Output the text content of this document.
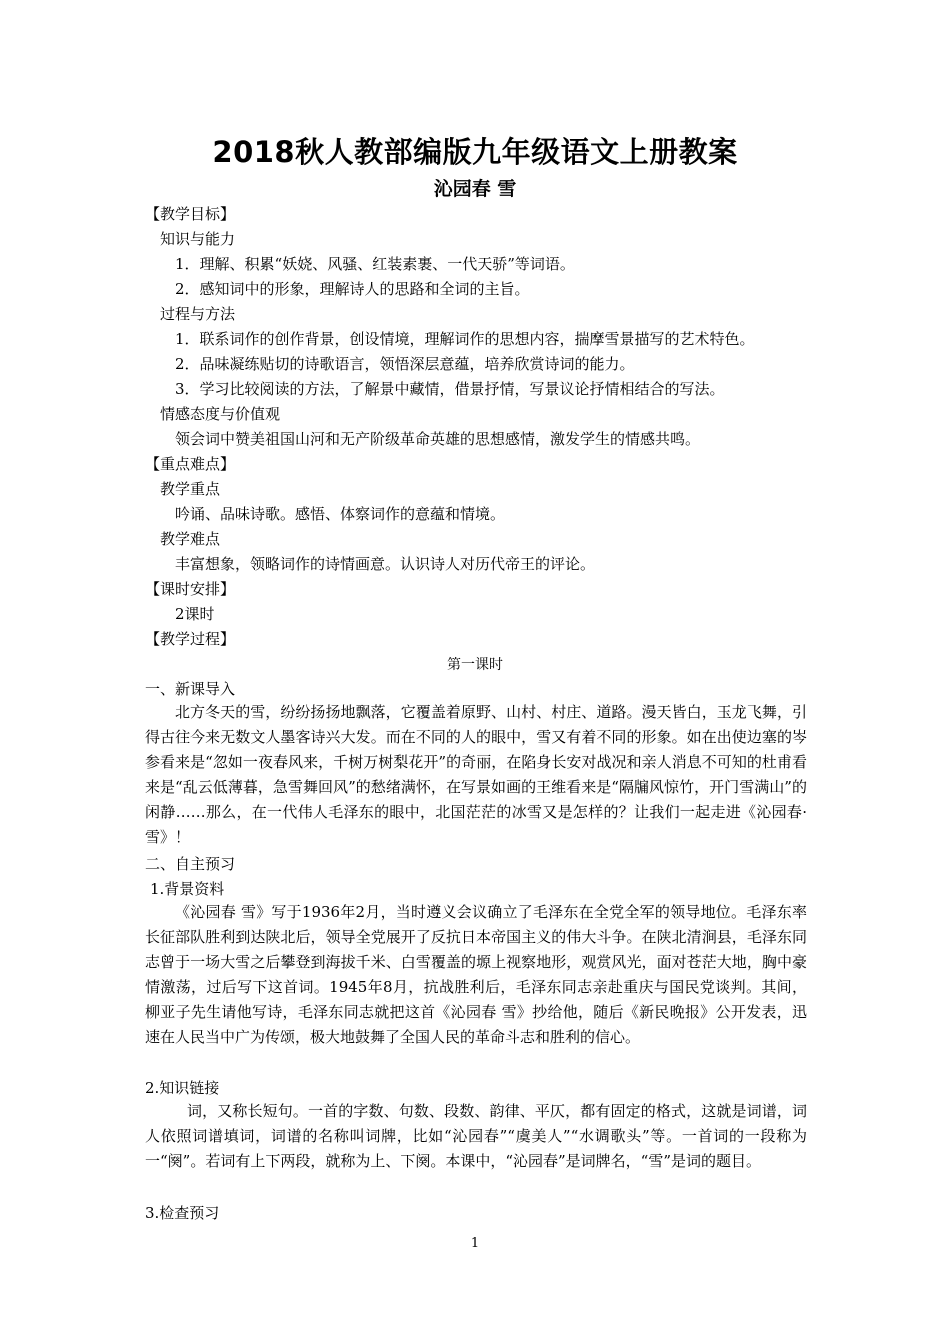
2018秋人教部编版九年级语文上册教案
沁园春 雪
【教学目标】
知识与能力
1．理解、积累“妖娆、风骚、红装素裹、一代天骄”等词语。
2．感知词中的形象，理解诗人的思路和全词的主旨。
过程与方法
1．联系词作的创作背景，创设情境，理解词作的思想内容，揣摩雪景描写的艺术特色。
2．品味凝练贴切的诗歌语言，领悟深层意蕴，培养欣赏诗词的能力。
3．学习比较阅读的方法，了解景中藏情，借景抒情，写景议论抒情相结合的写法。
情感态度与价值观
领会词中赞美祖国山河和无产阶级革命英雄的思想感情，激发学生的情感共鸣。
【重点难点】
教学重点
吟诵、品味诗歌。感悟、体察词作的意蕴和情境。
教学难点
丰富想象，领略词作的诗情画意。认识诗人对历代帝王的评论。
【课时安排】
2课时
【教学过程】
第一课时
一、新课导入
北方冬天的雪，纷纷扬扬地飘落，它覆盖着原野、山村、村庄、道路。漫天皆白，玉龙飞舞，引得古往今来无数文人墨客诗兴大发。而在不同的人的眼中，雪又有着不同的形象。如在出使边塞的岑参看来是“忽如一夜春风来，千树万树梨花开”的奇丽，在陷身长安对战况和亲人消息不可知的杜甫看来是“乱云低薄暮，急雪舞回风”的愁绪满怀，在写景如画的王维看来是“隔牖风惊竹，开门雪满山”的闲静……那么，在一代伟人毛泽东的眼中，北国茫茫的冰雪又是怎样的？让我们一起走进《沁园春·雪》！
二、自主预习
1.背景资料
《沁园春 雪》写于1936年2月，当时遵义会议确立了毛泽东在全党全军的领导地位。毛泽东率长征部队胜利到达陕北后，领导全党展开了反抗日本帝国主义的伟大斗争。在陕北清涧县，毛泽东同志曾于一场大雪之后攀登到海拔千米、白雪覆盖的塬上视察地形，观赏风光，面对苍茫大地，胸中豪情激荡，过后写下这首词。1945年8月，抗战胜利后，毛泽东同志亲赴重庆与国民党谈判。其间，柳亚子先生请他写诗，毛泽东同志就把这首《沁园春 雪》抄给他，随后《新民晚报》公开发表，迅速在人民当中广为传颂，极大地鼓舞了全国人民的革命斗志和胜利的信心。
2.知识链接
词，又称长短句。一首的字数、句数、段数、韵律、平仄，都有固定的格式，这就是词谱，词人依照词谱填词，词谱的名称叫词牌，比如“沁园春”“虞美人”“水调歌头”等。一首词的一段称为一“阕”。若词有上下两段，就称为上、下阕。本课中，“沁园春”是词牌名，“雪”是词的题目。
3.检查预习
1
